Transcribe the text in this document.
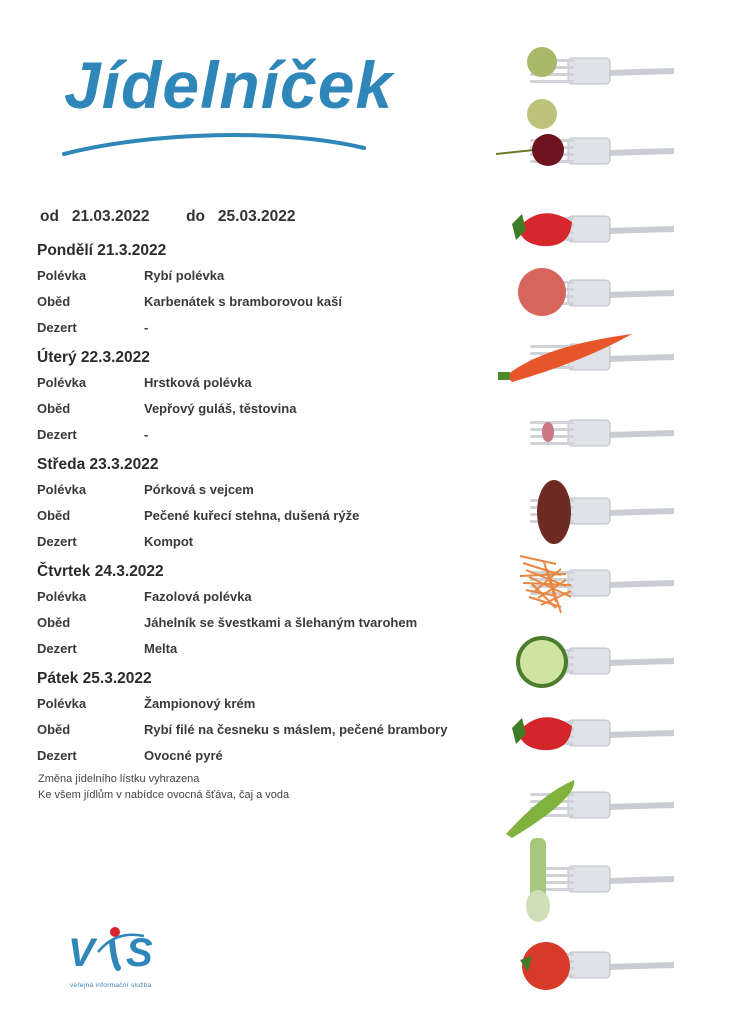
Jídelníček
od 21.03.2022 do 25.03.2022
Pondělí 21.3.2022
Polévka	Rybí polévka
Oběd	Karbenátek s bramborovou kaší
Dezert	-
Úterý 22.3.2022
Polévka	Hrstková polévka
Oběd	Vepřový guláš, těstovina
Dezert	-
Středa 23.3.2022
Polévka	Pórková s vejcem
Oběd	Pečené kuřecí stehna, dušená rýže
Dezert	Kompot
Čtvrtek 24.3.2022
Polévka	Fazolová polévka
Oběd	Jáhelník se švestkami a šlehaným tvarohem
Dezert	Melta
Pátek 25.3.2022
Polévka	Žampionový krém
Oběd	Rybí filé na česneku s máslem, pečené brambory
Dezert	Ovocné pyré
Změna jídelního lístku vyhrazena
Ke všem jídlům v nabídce ovocná šťáva, čaj a voda
V S
veřejná informační služba
